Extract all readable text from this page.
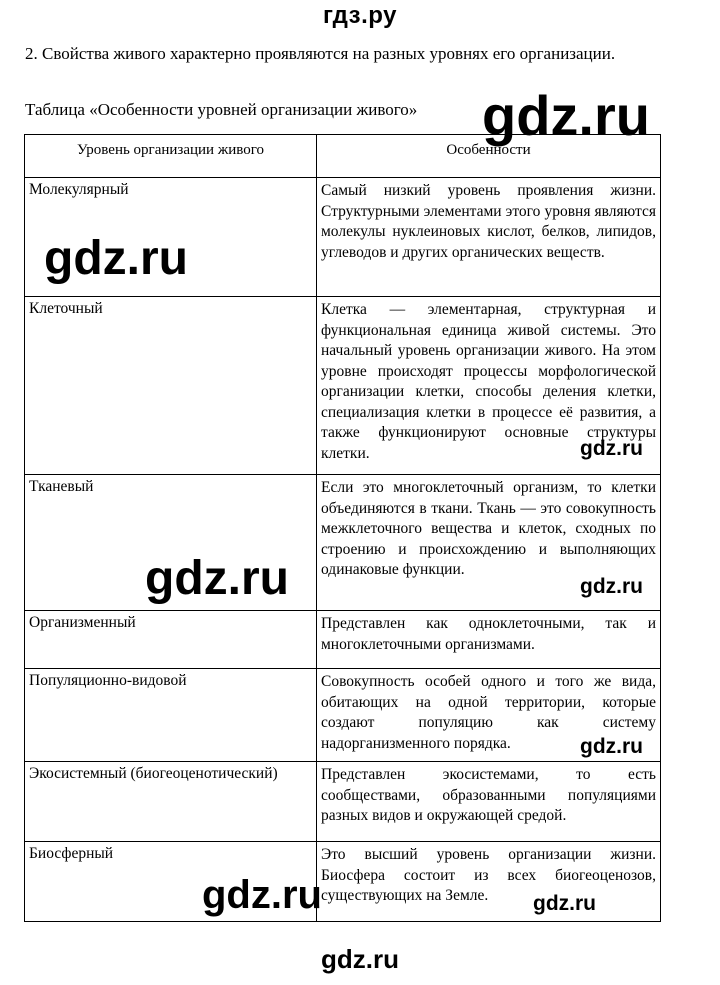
гдз.ру
2. Свойства живого характерно проявляются на разных уровнях его организации.
Таблица «Особенности уровней организации живого»
Уровень организации живого	Особенности
Молекулярный	Самый низкий уровень проявления жизни. Структурными элементами этого уровня являются молекулы нуклеиновых кислот, белков, липидов, углеводов и других органических веществ.
Клеточный	Клетка — элементарная, структурная и функциональная единица живой системы. Это начальный уровень организации живого. На этом уровне происходят процессы морфологической организации клетки, способы деления клетки, специализация клетки в процессе её развития, а также функционируют основные структуры клетки.
Тканевый	Если это многоклеточный организм, то клетки объединяются в ткани. Ткань — это совокупность межклеточного вещества и клеток, сходных по строению и происхождению и выполняющих одинаковые функции.
Организменный	Представлен как одноклеточными, так и многоклеточными организмами.
Популяционно-видовой	Совокупность особей одного и того же вида, обитающих на одной территории, которые создают популяцию как систему надорганизменного порядка.
Экосистемный (биогеоценотический)	Представлен экосистемами, то есть сообществами, образованными популяциями разных видов и окружающей средой.
Биосферный	Это высший уровень организации жизни. Биосфера состоит из всех биогеоценозов, существующих на Земле.
gdz.ru
gdz.ru
gdz.ru
gdz.ru	gdz.ru
gdz.ru
gdz.ru	gdz.ru
gdz.ru
